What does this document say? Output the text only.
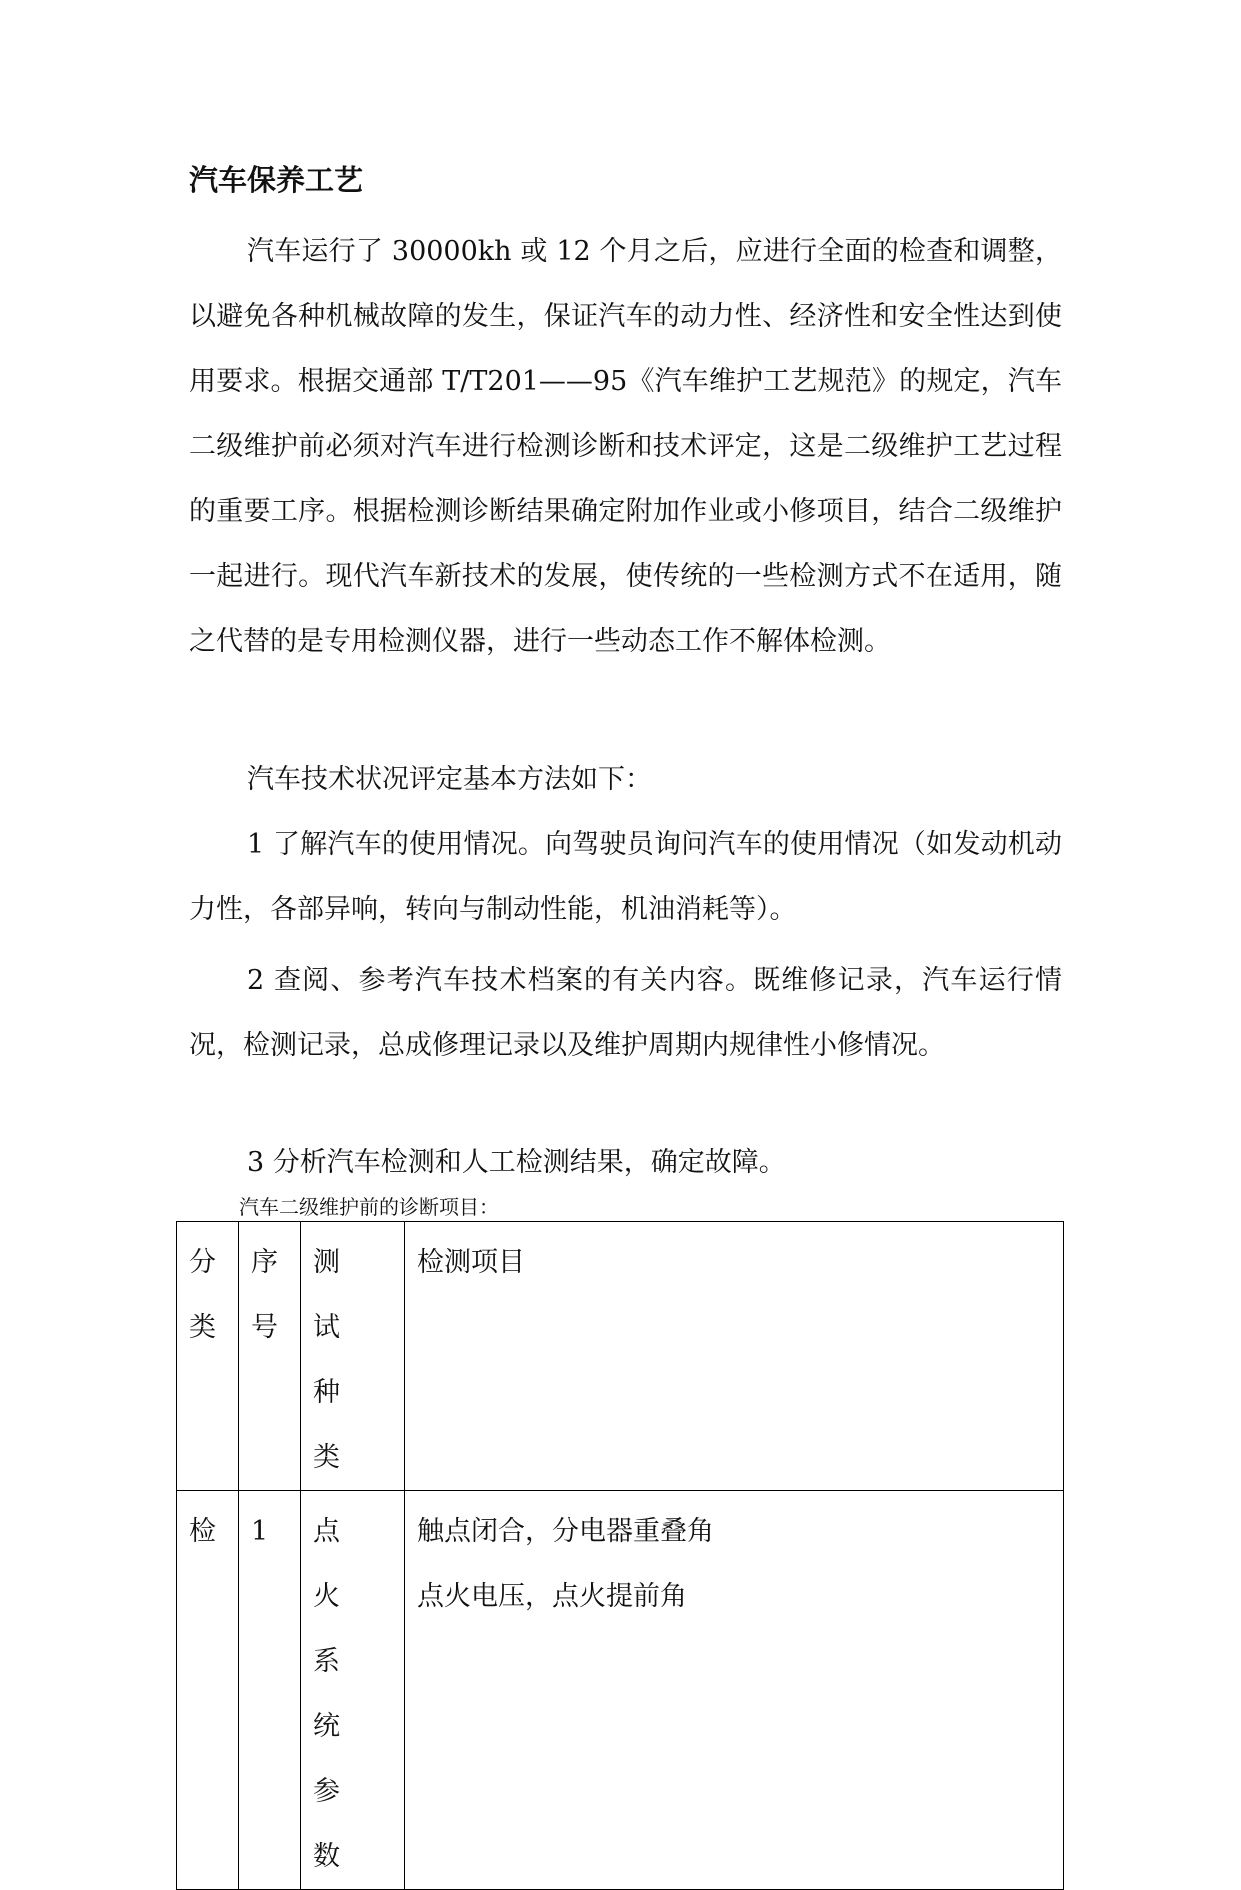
汽车保养工艺

汽车运行了 30000kh 或 12 个月之后，应进行全面的检查和调整，以避免各种机械故障的发生，保证汽车的动力性、经济性和安全性达到使用要求。根据交通部 T/T201——95《汽车维护工艺规范》的规定，汽车二级维护前必须对汽车进行检测诊断和技术评定，这是二级维护工艺过程的重要工序。根据检测诊断结果确定附加作业或小修项目，结合二级维护一起进行。现代汽车新技术的发展，使传统的一些检测方式不在适用，随之代替的是专用检测仪器，进行一些动态工作不解体检测。

汽车技术状况评定基本方法如下：

1 了解汽车的使用情况。向驾驶员询问汽车的使用情况（如发动机动力性，各部异响，转向与制动性能，机油消耗等）。

2 查阅、参考汽车技术档案的有关内容。既维修记录，汽车运行情况，检测记录，总成修理记录以及维护周期内规律性小修情况。

3 分析汽车检测和人工检测结果，确定故障。

汽车二级维护前的诊断项目：

分类	序号	测试种类	检测项目
检	1	点火系统参数	触点闭合，分电器重叠角
点火电压，点火提前角
